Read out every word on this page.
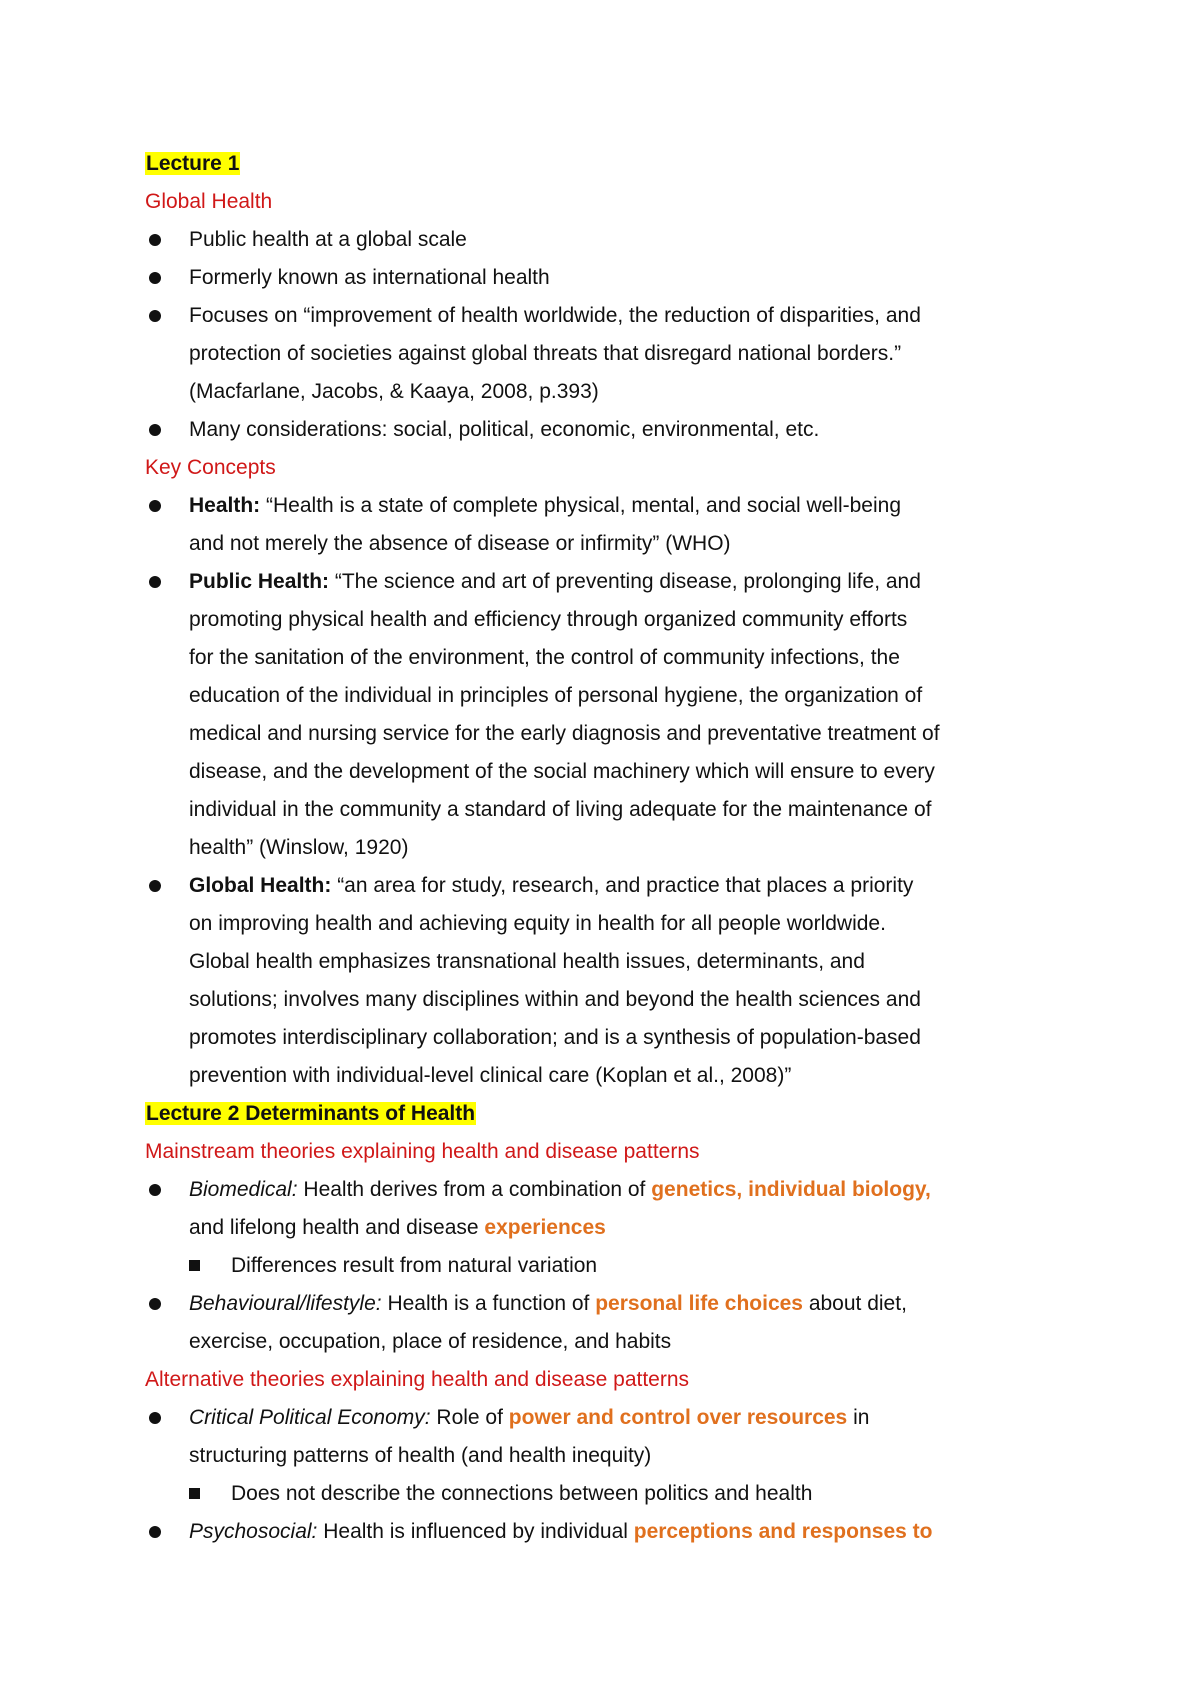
Lecture 1
Global Health
Public health at a global scale
Formerly known as international health
Focuses on “improvement of health worldwide, the reduction of disparities, and
protection of societies against global threats that disregard national borders.”
(Macfarlane, Jacobs, & Kaaya, 2008, p.393)
Many considerations: social, political, economic, environmental, etc.
Key Concepts
Health: “Health is a state of complete physical, mental, and social well-being
and not merely the absence of disease or infirmity” (WHO)
Public Health: “The science and art of preventing disease, prolonging life, and
promoting physical health and efficiency through organized community efforts
for the sanitation of the environment, the control of community infections, the
education of the individual in principles of personal hygiene, the organization of
medical and nursing service for the early diagnosis and preventative treatment of
disease, and the development of the social machinery which will ensure to every
individual in the community a standard of living adequate for the maintenance of
health” (Winslow, 1920)
Global Health: “an area for study, research, and practice that places a priority
on improving health and achieving equity in health for all people worldwide.
Global health emphasizes transnational health issues, determinants, and
solutions; involves many disciplines within and beyond the health sciences and
promotes interdisciplinary collaboration; and is a synthesis of population-based
prevention with individual-level clinical care (Koplan et al., 2008)”
Lecture 2 Determinants of Health
Mainstream theories explaining health and disease patterns
Biomedical: Health derives from a combination of genetics, individual biology,
and lifelong health and disease experiences
Differences result from natural variation
Behavioural/lifestyle: Health is a function of personal life choices about diet,
exercise, occupation, place of residence, and habits
Alternative theories explaining health and disease patterns
Critical Political Economy: Role of power and control over resources in
structuring patterns of health (and health inequity)
Does not describe the connections between politics and health
Psychosocial: Health is influenced by individual perceptions and responses to
